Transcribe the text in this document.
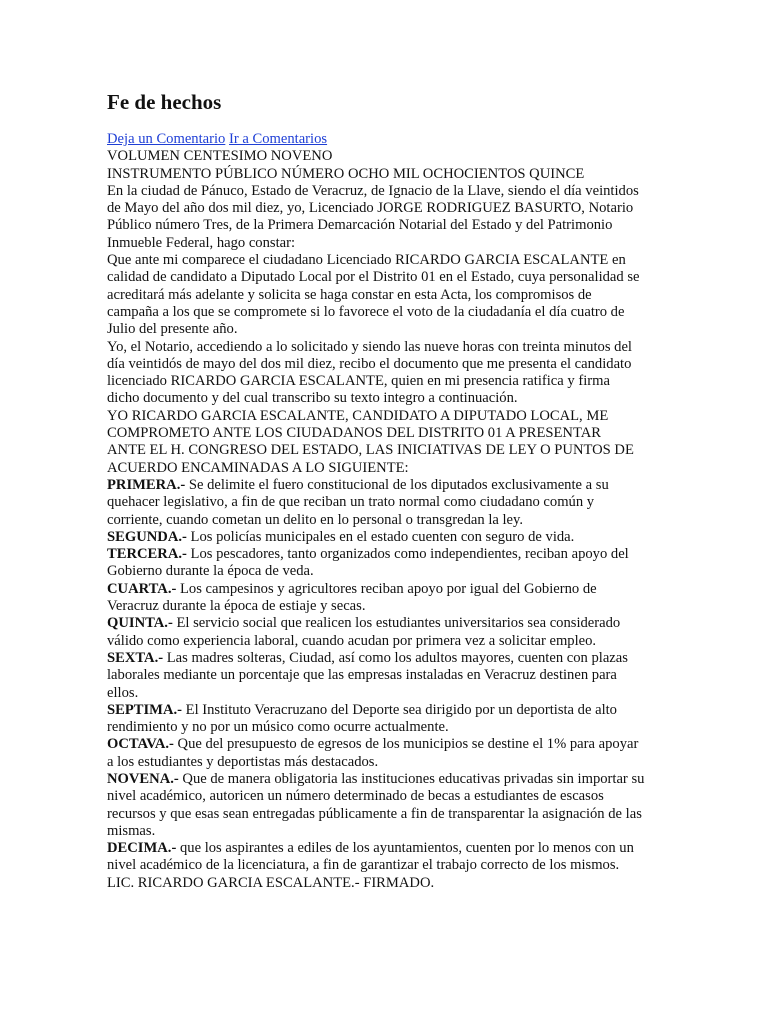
Fe de hechos
Deja un Comentario Ir a Comentarios
VOLUMEN CENTESIMO NOVENO
INSTRUMENTO PÚBLICO NÚMERO OCHO MIL OCHOCIENTOS QUINCE
En la ciudad de Pánuco, Estado de Veracruz, de Ignacio de la Llave, siendo el día veintidos
de Mayo del año dos mil diez, yo, Licenciado JORGE RODRIGUEZ BASURTO, Notario
Público número Tres, de la Primera Demarcación Notarial del Estado y del Patrimonio
Inmueble Federal, hago constar:
Que ante mi comparece el ciudadano Licenciado RICARDO GARCIA ESCALANTE en
calidad de candidato a Diputado Local por el Distrito 01 en el Estado, cuya personalidad se
acreditará más adelante y solicita se haga constar en esta Acta, los compromisos de
campaña a los que se compromete si lo favorece el voto de la ciudadanía el día cuatro de
Julio del presente año.
Yo, el Notario, accediendo a lo solicitado y siendo las nueve horas con treinta minutos del
día veintidós de mayo del dos mil diez, recibo el documento que me presenta el candidato
licenciado RICARDO GARCIA ESCALANTE, quien en mi presencia ratifica y firma
dicho documento y del cual transcribo su texto integro a continuación.
YO RICARDO GARCIA ESCALANTE, CANDIDATO A DIPUTADO LOCAL, ME
COMPROMETO ANTE LOS CIUDADANOS DEL DISTRITO 01 A PRESENTAR
ANTE EL H. CONGRESO DEL ESTADO, LAS INICIATIVAS DE LEY O PUNTOS DE
ACUERDO ENCAMINADAS A LO SIGUIENTE:
PRIMERA.- Se delimite el fuero constitucional de los diputados exclusivamente a su
quehacer legislativo, a fin de que reciban un trato normal como ciudadano común y
corriente, cuando cometan un delito en lo personal o transgredan la ley.
SEGUNDA.- Los policías municipales en el estado cuenten con seguro de vida.
TERCERA.- Los pescadores, tanto organizados como independientes, reciban apoyo del
Gobierno durante la época de veda.
CUARTA.- Los campesinos y agricultores reciban apoyo por igual del Gobierno de
Veracruz durante la época de estiaje y secas.
QUINTA.- El servicio social que realicen los estudiantes universitarios sea considerado
válido como experiencia laboral, cuando acudan por primera vez a solicitar empleo.
SEXTA.- Las madres solteras, Ciudad, así como los adultos mayores, cuenten con plazas
laborales mediante un porcentaje que las empresas instaladas en Veracruz destinen para
ellos.
SEPTIMA.- El Instituto Veracruzano del Deporte sea dirigido por un deportista de alto
rendimiento y no por un músico como ocurre actualmente.
OCTAVA.- Que del presupuesto de egresos de los municipios se destine el 1% para apoyar
a los estudiantes y deportistas más destacados.
NOVENA.- Que de manera obligatoria las instituciones educativas privadas sin importar su
nivel académico, autoricen un número determinado de becas a estudiantes de escasos
recursos y que esas sean entregadas públicamente a fin de transparentar la asignación de las
mismas.
DECIMA.- que los aspirantes a ediles de los ayuntamientos, cuenten por lo menos con un
nivel académico de la licenciatura, a fin de garantizar el trabajo correcto de los mismos.
LIC. RICARDO GARCIA ESCALANTE.- FIRMADO.
